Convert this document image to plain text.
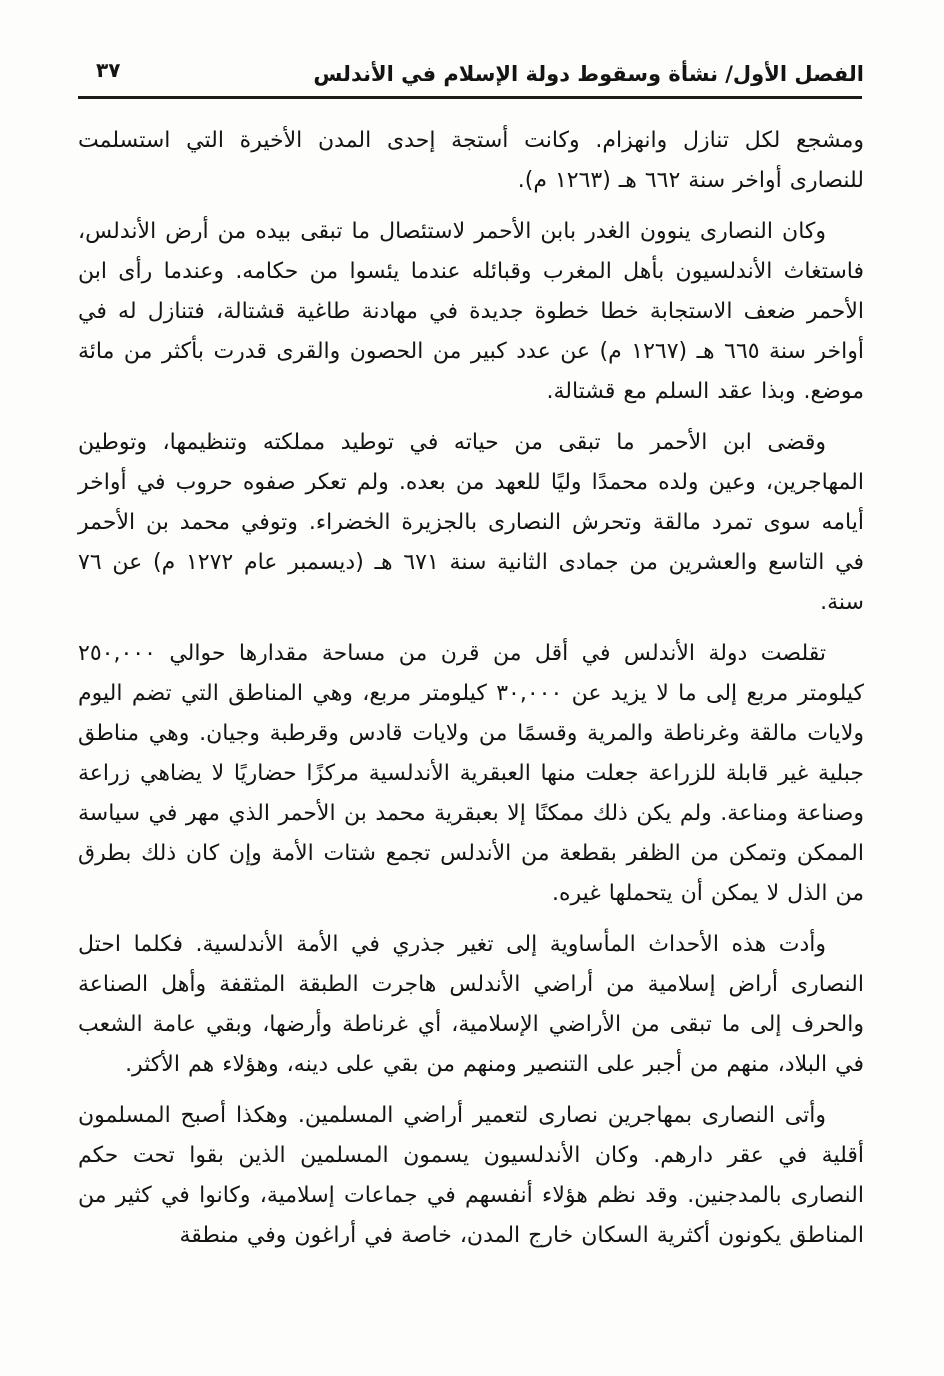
الفصل الأول/ نشأة وسقوط دولة الإسلام في الأندلس
٣٧

ومشجع لكل تنازل وانهزام. وكانت أستجة إحدى المدن الأخيرة التي استسلمت للنصارى أواخر سنة ٦٦٢ هـ (١٢٦٣ م).

وكان النصارى ينوون الغدر بابن الأحمر لاستئصال ما تبقى بيده من أرض الأندلس، فاستغاث الأندلسيون بأهل المغرب وقبائله عندما يئسوا من حكامه. وعندما رأى ابن الأحمر ضعف الاستجابة خطا خطوة جديدة في مهادنة طاغية قشتالة، فتنازل له في أواخر سنة ٦٦٥ هـ (١٢٦٧ م) عن عدد كبير من الحصون والقرى قدرت بأكثر من مائة موضع. وبذا عقد السلم مع قشتالة.

وقضى ابن الأحمر ما تبقى من حياته في توطيد مملكته وتنظيمها، وتوطين المهاجرين، وعين ولده محمدًا وليًا للعهد من بعده. ولم تعكر صفوه حروب في أواخر أيامه سوى تمرد مالقة وتحرش النصارى بالجزيرة الخضراء. وتوفي محمد بن الأحمر في التاسع والعشرين من جمادى الثانية سنة ٦٧١ هـ (ديسمبر عام ١٢٧٢ م) عن ٧٦ سنة.

تقلصت دولة الأندلس في أقل من قرن من مساحة مقدارها حوالي ٢٥٠,٠٠٠ كيلومتر مربع إلى ما لا يزيد عن ٣٠,٠٠٠ كيلومتر مربع، وهي المناطق التي تضم اليوم ولايات مالقة وغرناطة والمرية وقسمًا من ولايات قادس وقرطبة وجيان. وهي مناطق جبلية غير قابلة للزراعة جعلت منها العبقرية الأندلسية مركزًا حضاريًا لا يضاهي زراعة وصناعة ومناعة. ولم يكن ذلك ممكنًا إلا بعبقرية محمد بن الأحمر الذي مهر في سياسة الممكن وتمكن من الظفر بقطعة من الأندلس تجمع شتات الأمة وإن كان ذلك بطرق من الذل لا يمكن أن يتحملها غيره.

وأدت هذه الأحداث المأساوية إلى تغير جذري في الأمة الأندلسية. فكلما احتل النصارى أراض إسلامية من أراضي الأندلس هاجرت الطبقة المثقفة وأهل الصناعة والحرف إلى ما تبقى من الأراضي الإسلامية، أي غرناطة وأرضها، وبقي عامة الشعب في البلاد، منهم من أجبر على التنصير ومنهم من بقي على دينه، وهؤلاء هم الأكثر.

وأتى النصارى بمهاجرين نصارى لتعمير أراضي المسلمين. وهكذا أصبح المسلمون أقلية في عقر دارهم. وكان الأندلسيون يسمون المسلمين الذين بقوا تحت حكم النصارى بالمدجنين. وقد نظم هؤلاء أنفسهم في جماعات إسلامية، وكانوا في كثير من المناطق يكونون أكثرية السكان خارج المدن، خاصة في أراغون وفي منطقة
